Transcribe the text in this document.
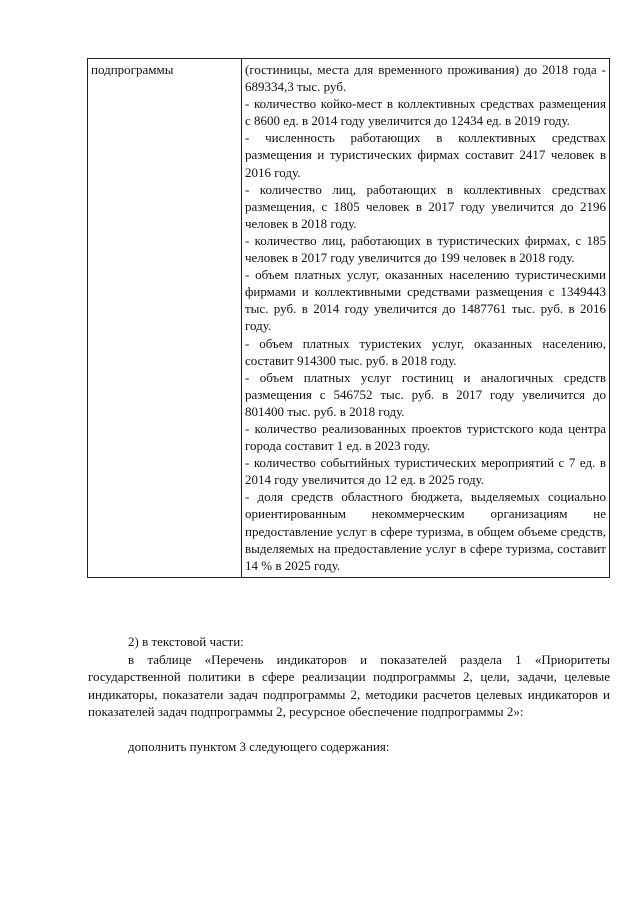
подпрограммы	(гостиницы, места для временного проживания) до 2018 года - 689334,3 тыс. руб.
- количество койко-мест в коллективных средствах размещения с 8600 ед. в 2014 году увеличится до 12434 ед. в 2019 году.
- численность работающих в коллективных средствах размещения и туристических фирмах составит 2417 человек в 2016 году.
- количество лиц, работающих в коллективных средствах размещения, с 1805 человек в 2017 году увеличится до 2196 человек в 2018 году.
- количество лиц, работающих в туристических фирмах, с 185 человек в 2017 году увеличится до 199 человек в 2018 году.
- объем платных услуг, оказанных населению туристическими фирмами и коллективными средствами размещения с 1349443 тыс. руб. в 2014 году увеличится до 1487761 тыс. руб. в 2016 году.
- объем платных туристеких услуг, оказанных населению, составит 914300 тыс. руб. в 2018 году.
- объем платных услуг гостиниц и аналогичных средств размещения с 546752 тыс. руб. в 2017 году увеличится до 801400 тыс. руб. в 2018 году.
- количество реализованных проектов туристского кода центра города составит 1 ед. в 2023 году.
- количество событийных туристических мероприятий с 7 ед. в 2014 году увеличится до 12 ед. в 2025 году.
- доля средств областного бюджета, выделяемых социально ориентированным некоммерческим организациям не предоставление услуг в сфере туризма, в общем объеме средств, выделяемых на предоставление услуг в сфере туризма, составит 14 % в 2025 году.
2) в текстовой части:
в таблице «Перечень индикаторов и показателей раздела 1 «Приоритеты государственной политики в сфере реализации подпрограммы 2, цели, задачи, целевые индикаторы, показатели задач подпрограммы 2, методики расчетов целевых индикаторов и показателей задач подпрограммы 2, ресурсное обеспечение подпрограммы 2»:
дополнить пунктом 3 следующего содержания:
